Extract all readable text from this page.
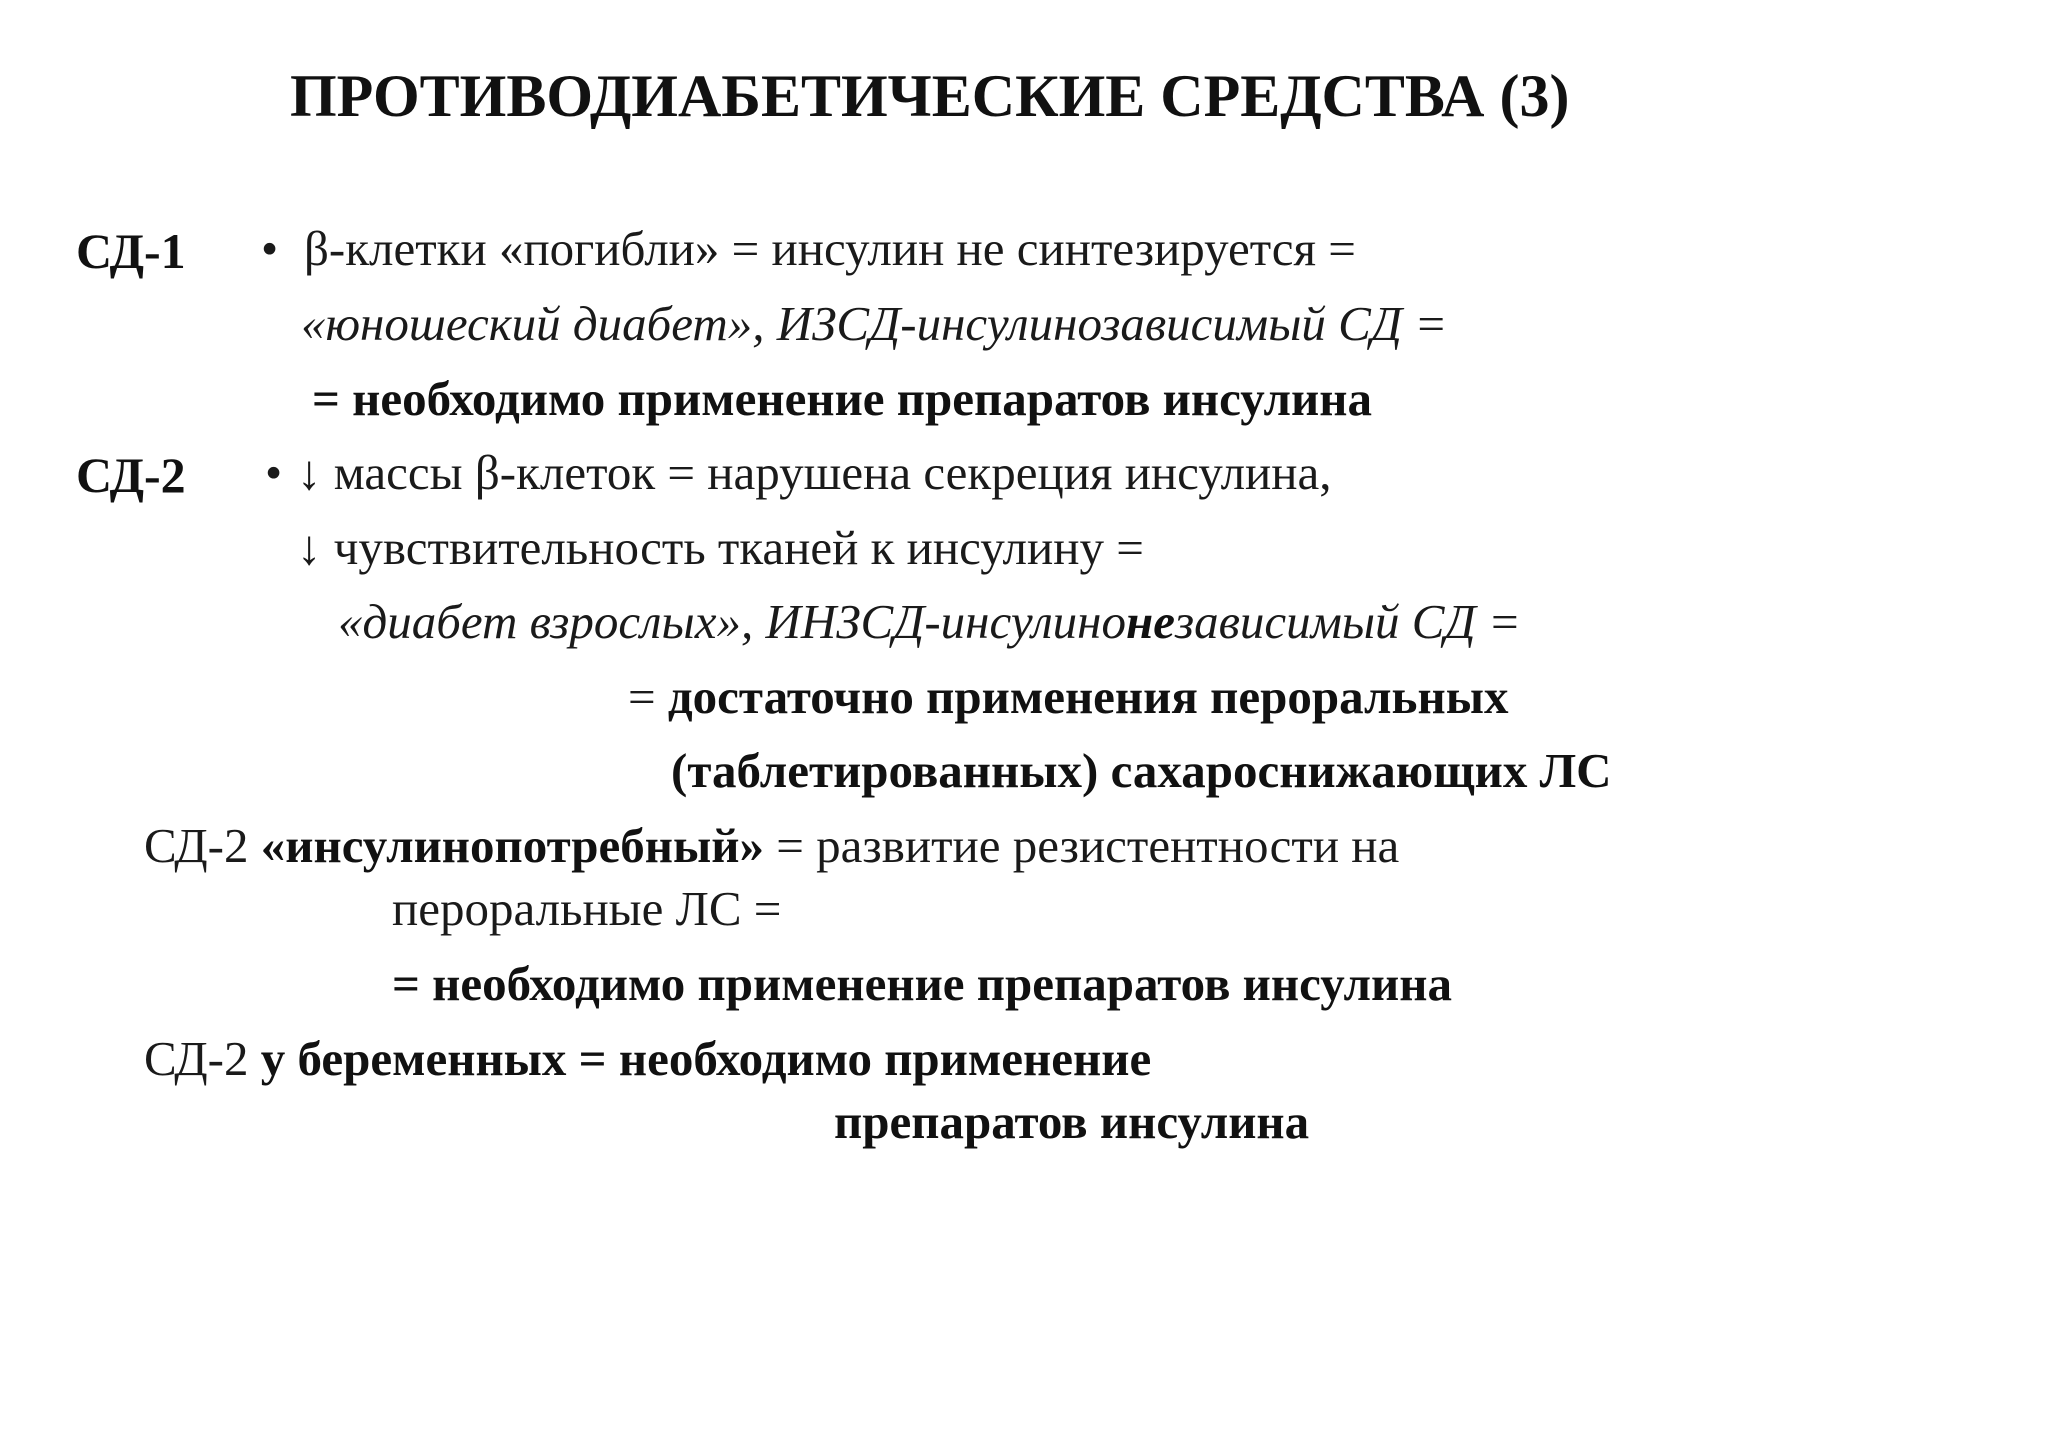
ПРОТИВОДИАБЕТИЧЕСКИЕ СРЕДСТВА (3)
СД-1 • β-клетки «погибли» = инсулин не синтезируется =
«юношеский диабет», ИЗСД-инсулинозависимый СД =
= необходимо применение препаратов инсулина
СД-2 • ↓ массы β-клеток = нарушена секреция инсулина,
↓ чувствительность тканей к инсулину =
«диабет взрослых», ИНЗСД-инсулинонезависимый СД =
= достаточно применения пероральных
(таблетированных) сахароснижающих ЛС
СД-2 «инсулинопотребный» = развитие резистентности на
пероральные ЛС =
= необходимо применение препаратов инсулина
СД-2 у беременных = необходимо применение
препаратов инсулина
